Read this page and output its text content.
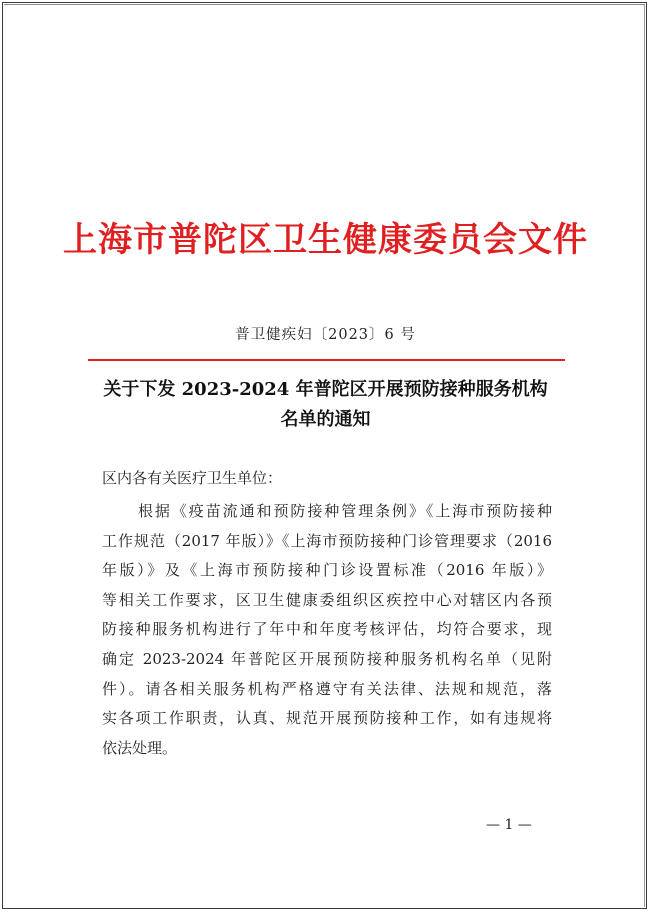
上海市普陀区卫生健康委员会文件
普卫健疾妇〔2023〕6 号
关于下发 2023-2024 年普陀区开展预防接种服务机构
名单的通知
区内各有关医疗卫生单位：
根据《疫苗流通和预防接种管理条例》《上海市预防接种
工作规范（2017 年版）》《上海市预防接种门诊管理要求（2016
年版）》及《上海市预防接种门诊设置标准（2016 年版）》
等相关工作要求，区卫生健康委组织区疾控中心对辖区内各预
防接种服务机构进行了年中和年度考核评估，均符合要求，现
确定 2023-2024 年普陀区开展预防接种服务机构名单（见附
件）。请各相关服务机构严格遵守有关法律、法规和规范，落
实各项工作职责，认真、规范开展预防接种工作，如有违规将
依法处理。
— 1 —
